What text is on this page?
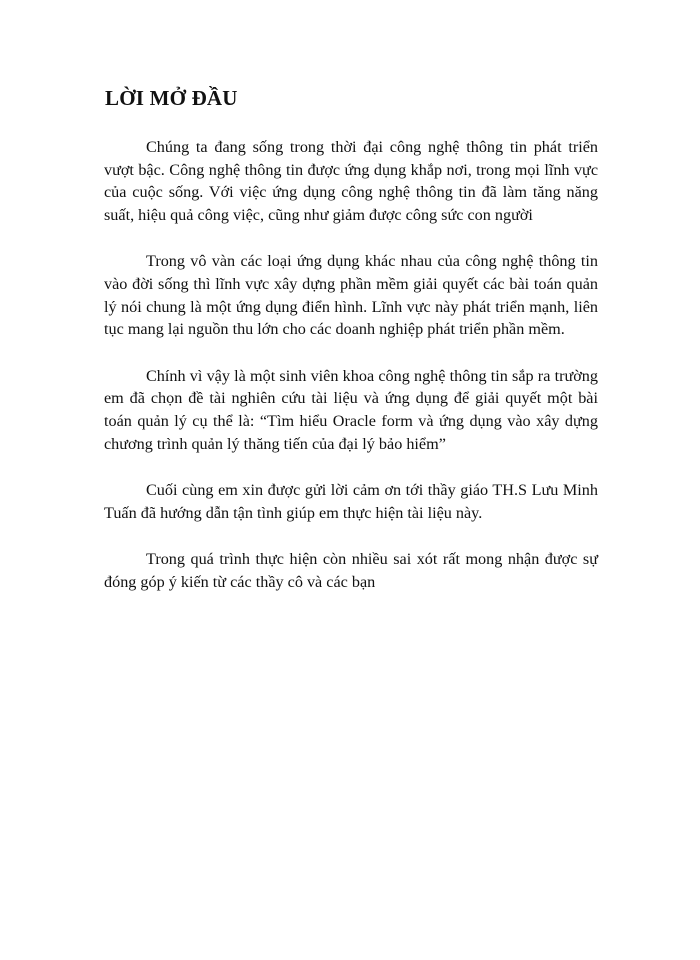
LỜI MỞ ĐẦU

Chúng ta đang sống trong thời đại công nghệ thông tin phát triển vượt bậc. Công nghệ thông tin được ứng dụng khắp nơi, trong mọi lĩnh vực của cuộc sống. Với việc ứng dụng công nghệ thông tin đã làm tăng năng suất, hiệu quả công việc, cũng như giảm được công sức con người

Trong vô vàn các loại ứng dụng khác nhau của công nghệ thông tin vào đời sống thì lĩnh vực xây dựng phần mềm giải quyết các bài toán quản lý nói chung là một ứng dụng điển hình. Lĩnh vực này phát triển mạnh, liên tục mang lại nguồn thu lớn cho các doanh nghiệp phát triển phần mềm.

Chính vì vậy là một sinh viên khoa công nghệ thông tin sắp ra trường em đã chọn đề tài nghiên cứu tài liệu và ứng dụng để giải quyết một bài toán quản lý cụ thể là: “Tìm hiểu Oracle form và ứng dụng vào xây dựng chương trình quản lý thăng tiến của đại lý bảo hiểm”

Cuối cùng em xin được gửi lời cảm ơn tới thầy giáo TH.S Lưu Minh Tuấn đã hướng dẫn tận tình giúp em thực hiện tài liệu này.

Trong quá trình thực hiện còn nhiều sai xót rất mong nhận được sự đóng góp ý kiến từ các thầy cô và các bạn
